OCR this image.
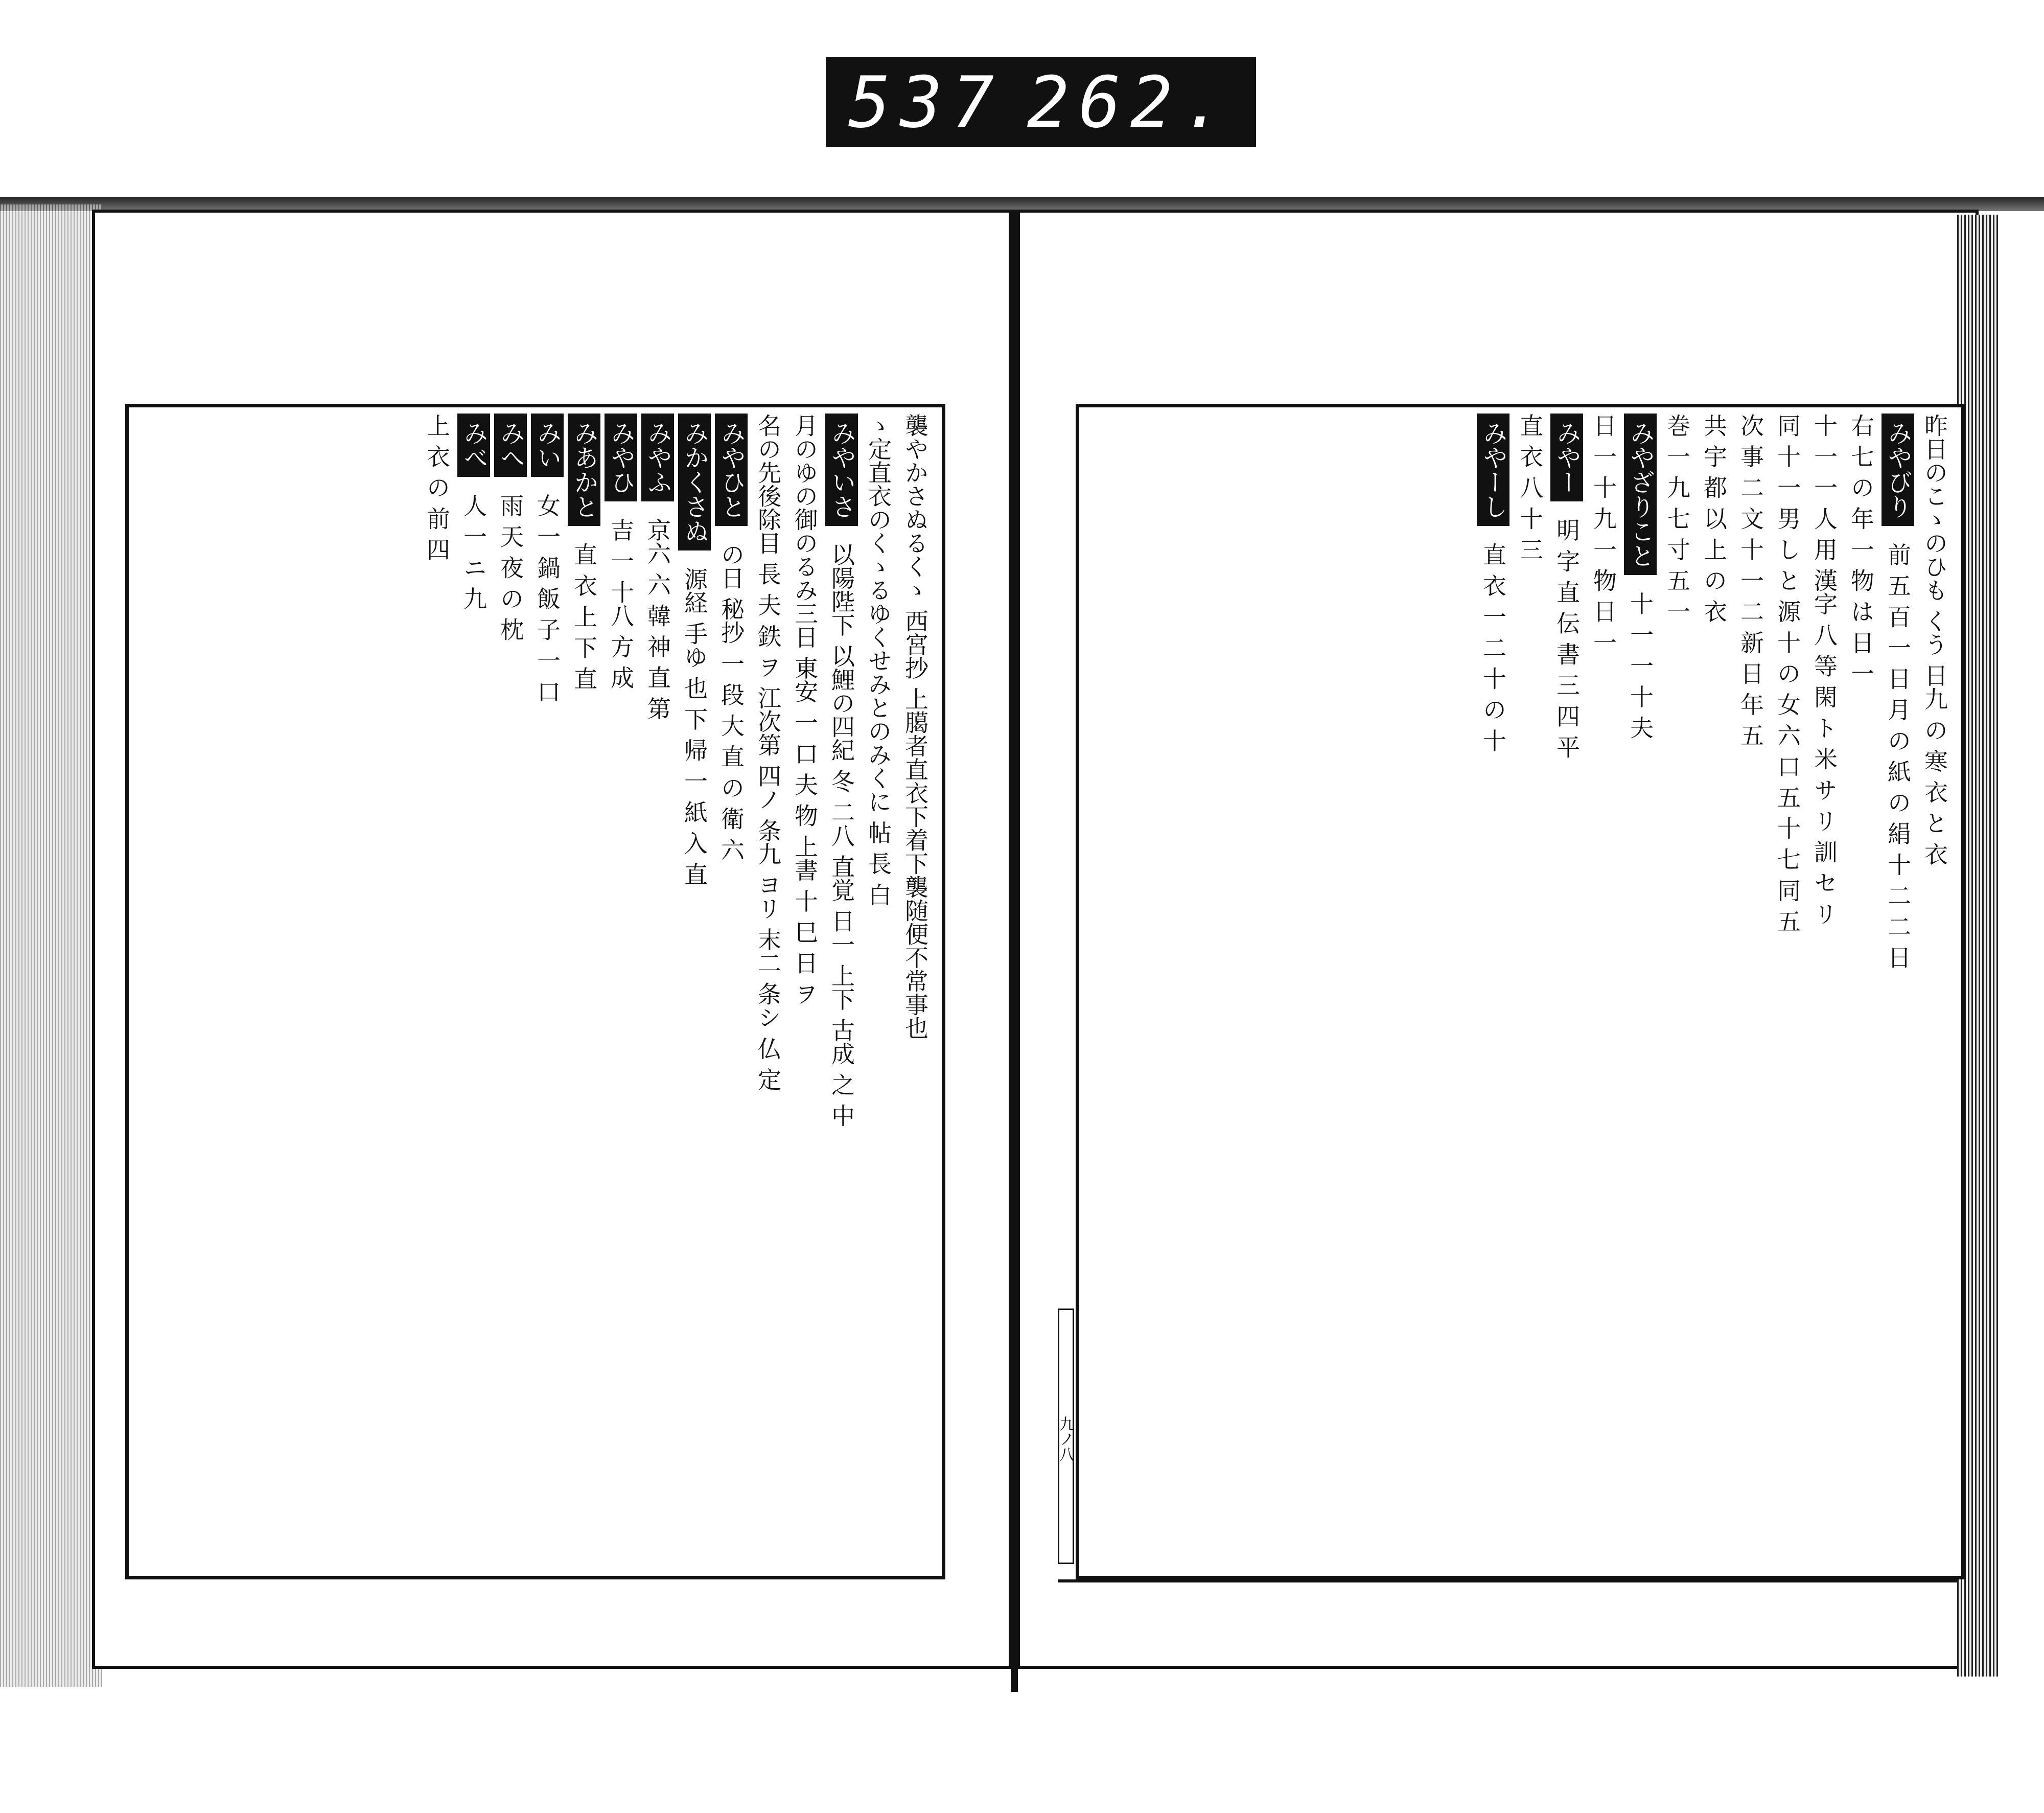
537 262.
襲やかさぬるくゝ 西宮抄 上臈者直衣下着下襲随便不常事也
ゝ定直衣のくゝるゆくせみとのみくに 帖 長 白
みやいさ 以陽陛下 以鯉の四紀 冬 二八 直覚 日一 上下 古成 之 中
月のゆの御のるみ三日 東安 一 口 夫 物 上書 十 巳 日 ヲ
名の先後除目 長 夫 鉄 ヲ 江次第 四ノ 条九 ヨリ 末二 条シ 仏 定
みやひと の日 秘抄 一 段 大 直 の 衛 六
みかくさぬ 源経 手ゆ 也 下 帰 一 紙 入 直
みやふ 京六 六 韓 神 直 第
みやひ 吉 一 十八 方 成
みあかと 直 衣 上 下 直
みい 女 一 鍋 飯 子 一 口
みへ 雨 天 夜 の 枕
みべ 人 一 ニ 九
上 衣 の 前 四	昨日のこゝのひも くう 日九 の 寒 衣 と 衣
みやびり 前 五 百 一 日 月 の 紙 の 絹 十 二 二 日
右 七 の 年 一 物 は 日 一
十 一 一 人 用 漢字 八 等 閑 ト 米 サ リ 訓 セ リ
同 十 一 男 し と 源 十 の 女 六 口 五 十 七 同 五
次 事 二 文 十 一 二 新 日 年 五
共 宇 都 以 上 の 衣
巻 一 九 七 寸 五 一
みやざりこと 十 一 一 十 夫
日 一 十 九 一 物 日 一
みやー 明 字 直 伝 書 三 四 平
直 衣 八 十 三
みやーし 直 衣 一 二 十 の 十
九ノ八
